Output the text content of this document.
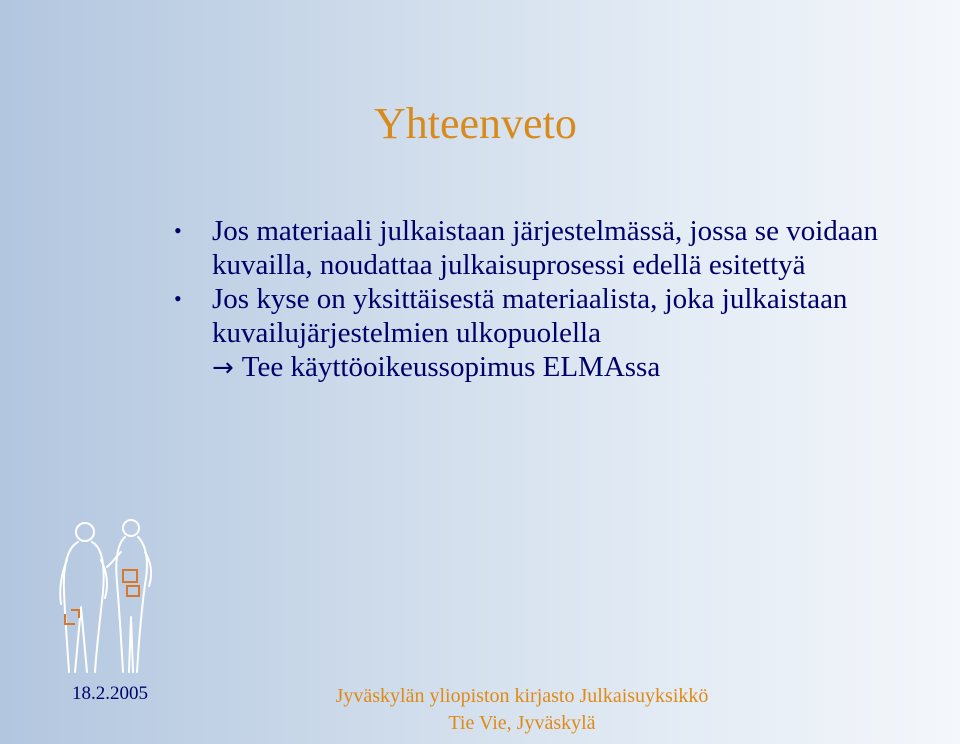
Yhteenveto
• Jos materiaali julkaistaan järjestelmässä, jossa se voidaan kuvailla, noudattaa julkaisuprosessi edellä esitettyä
• Jos kyse on yksittäisestä materiaalista, joka julkaistaan kuvailujärjestelmien ulkopuolella
→ Tee käyttöoikeussopimus ELMAssa
18.2.2005	Jyväskylän yliopiston kirjasto Julkaisuyksikkö
Tie Vie, Jyväskylä
